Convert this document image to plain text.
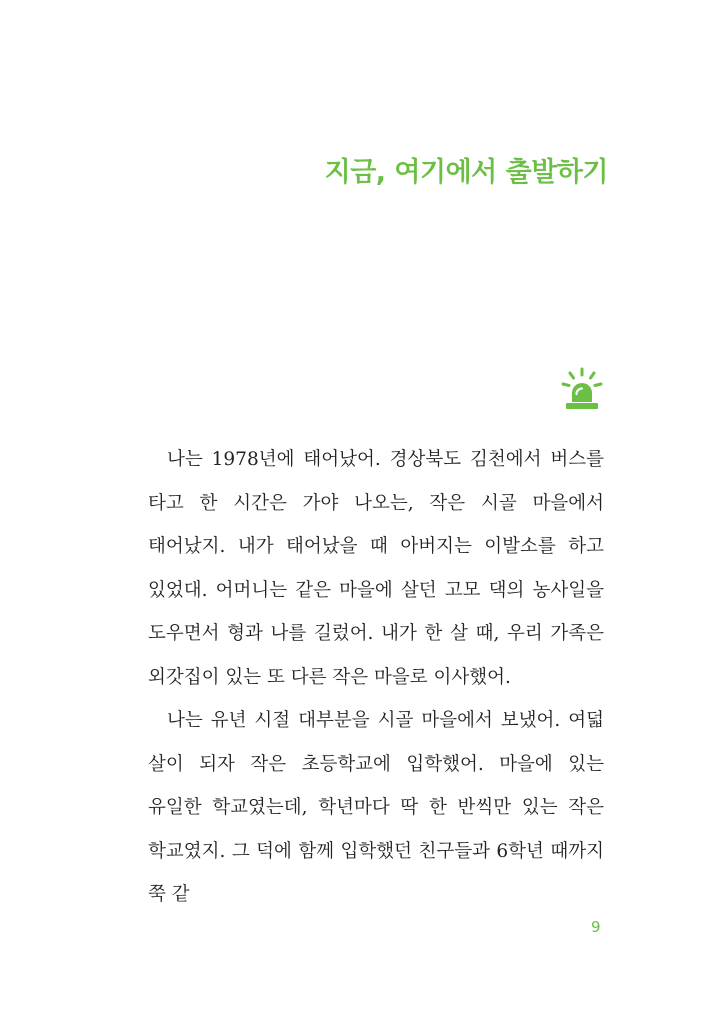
지금, 여기에서 출발하기

나는 1978년에 태어났어. 경상북도 김천에서 버스를 타고 한 시간은 가야 나오는, 작은 시골 마을에서 태어났지. 내가 태어났을 때 아버지는 이발소를 하고 있었대. 어머니는 같은 마을에 살던 고모 댁의 농사일을 도우면서 형과 나를 길렀어. 내가 한 살 때, 우리 가족은 외갓집이 있는 또 다른 작은 마을로 이사했어.

나는 유년 시절 대부분을 시골 마을에서 보냈어. 여덟 살이 되자 작은 초등학교에 입학했어. 마을에 있는 유일한 학교였는데, 학년마다 딱 한 반씩만 있는 작은 학교였지. 그 덕에 함께 입학했던 친구들과 6학년 때까지 쭉 같

9
